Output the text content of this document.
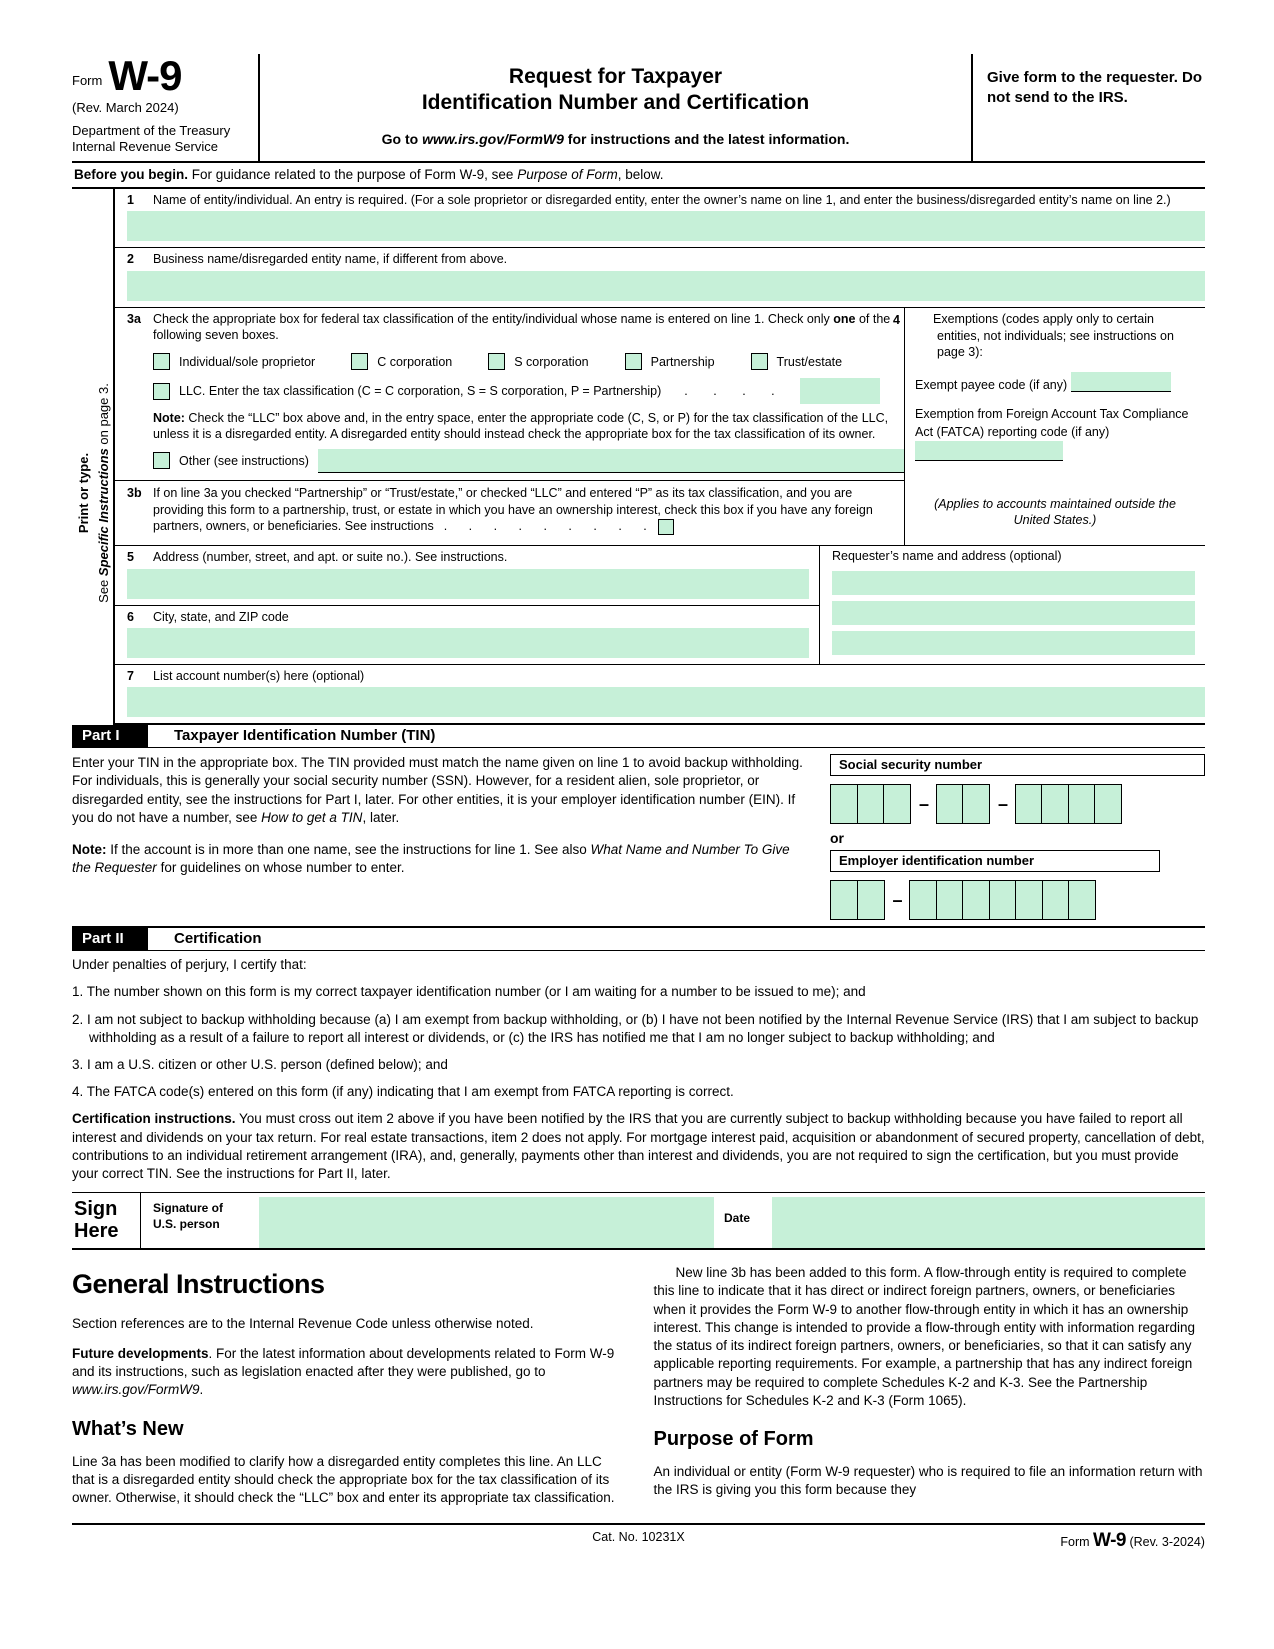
Form W-9
(Rev. March 2024)
Department of the Treasury
Internal Revenue Service
Request for Taxpayer
Identification Number and Certification
Go to www.irs.gov/FormW9 for instructions and the latest information.
Give form to the requester. Do not send to the IRS.
Before you begin. For guidance related to the purpose of Form W-9, see Purpose of Form, below.
Print or type.
See Specific Instructions on page 3.
1 Name of entity/individual. An entry is required. (For a sole proprietor or disregarded entity, enter the owner’s name on line 1, and enter the business/disregarded entity’s name on line 2.)
2 Business name/disregarded entity name, if different from above.
3a Check the appropriate box for federal tax classification of the entity/individual whose name is entered on line 1. Check only one of the following seven boxes.
Individual/sole proprietor	C corporation	S corporation	Partnership	Trust/estate
LLC. Enter the tax classification (C = C corporation, S = S corporation, P = Partnership) . . . .
Note: Check the “LLC” box above and, in the entry space, enter the appropriate code (C, S, or P) for the tax classification of the LLC, unless it is a disregarded entity. A disregarded entity should instead check the appropriate box for the tax classification of its owner.
Other (see instructions)
3b If on line 3a you checked “Partnership” or “Trust/estate,” or checked “LLC” and entered “P” as its tax classification, and you are providing this form to a partnership, trust, or estate in which you have an ownership interest, check this box if you have any foreign partners, owners, or beneficiaries. See instructions . . . . . . . . .
4	Exemptions (codes apply only to certain entities, not individuals; see instructions on page 3):
Exempt payee code (if any)
Exemption from Foreign Account Tax Compliance Act (FATCA) reporting code (if any)
(Applies to accounts maintained outside the United States.)
5 Address (number, street, and apt. or suite no.). See instructions.
6 City, state, and ZIP code
Requester’s name and address (optional)
7 List account number(s) here (optional)
Part I	Taxpayer Identification Number (TIN)

Enter your TIN in the appropriate box. The TIN provided must match the name given on line 1 to avoid backup withholding. For individuals, this is generally your social security number (SSN). However, for a resident alien, sole proprietor, or disregarded entity, see the instructions for Part I, later. For other entities, it is your employer identification number (EIN). If you do not have a number, see How to get a TIN, later.

Note: If the account is in more than one name, see the instructions for line 1. See also What Name and Number To Give the Requester for guidelines on whose number to enter.

Social security number
–	–
or
Employer identification number
–
Part II	Certification

Under penalties of perjury, I certify that:

1. The number shown on this form is my correct taxpayer identification number (or I am waiting for a number to be issued to me); and

2. I am not subject to backup withholding because (a) I am exempt from backup withholding, or (b) I have not been notified by the Internal Revenue Service (IRS) that I am subject to backup withholding as a result of a failure to report all interest or dividends, or (c) the IRS has notified me that I am no longer subject to backup withholding; and

3. I am a U.S. citizen or other U.S. person (defined below); and

4. The FATCA code(s) entered on this form (if any) indicating that I am exempt from FATCA reporting is correct.

Certification instructions. You must cross out item 2 above if you have been notified by the IRS that you are currently subject to backup withholding because you have failed to report all interest and dividends on your tax return. For real estate transactions, item 2 does not apply. For mortgage interest paid, acquisition or abandonment of secured property, cancellation of debt, contributions to an individual retirement arrangement (IRA), and, generally, payments other than interest and dividends, you are not required to sign the certification, but you must provide your correct TIN. See the instructions for Part II, later.

Sign
Here
Signature of
U.S. person	Date
General Instructions

Section references are to the Internal Revenue Code unless otherwise noted.

Future developments. For the latest information about developments related to Form W-9 and its instructions, such as legislation enacted after they were published, go to www.irs.gov/FormW9.

What’s New

Line 3a has been modified to clarify how a disregarded entity completes this line. An LLC that is a disregarded entity should check the appropriate box for the tax classification of its owner. Otherwise, it should check the “LLC” box and enter its appropriate tax classification.

New line 3b has been added to this form. A flow-through entity is required to complete this line to indicate that it has direct or indirect foreign partners, owners, or beneficiaries when it provides the Form W-9 to another flow-through entity in which it has an ownership interest. This change is intended to provide a flow-through entity with information regarding the status of its indirect foreign partners, owners, or beneficiaries, so that it can satisfy any applicable reporting requirements. For example, a partnership that has any indirect foreign partners may be required to complete Schedules K-2 and K-3. See the Partnership Instructions for Schedules K-2 and K-3 (Form 1065).

Purpose of Form

An individual or entity (Form W-9 requester) who is required to file an information return with the IRS is giving you this form because they

Cat. No. 10231X	Form W-9 (Rev. 3-2024)
